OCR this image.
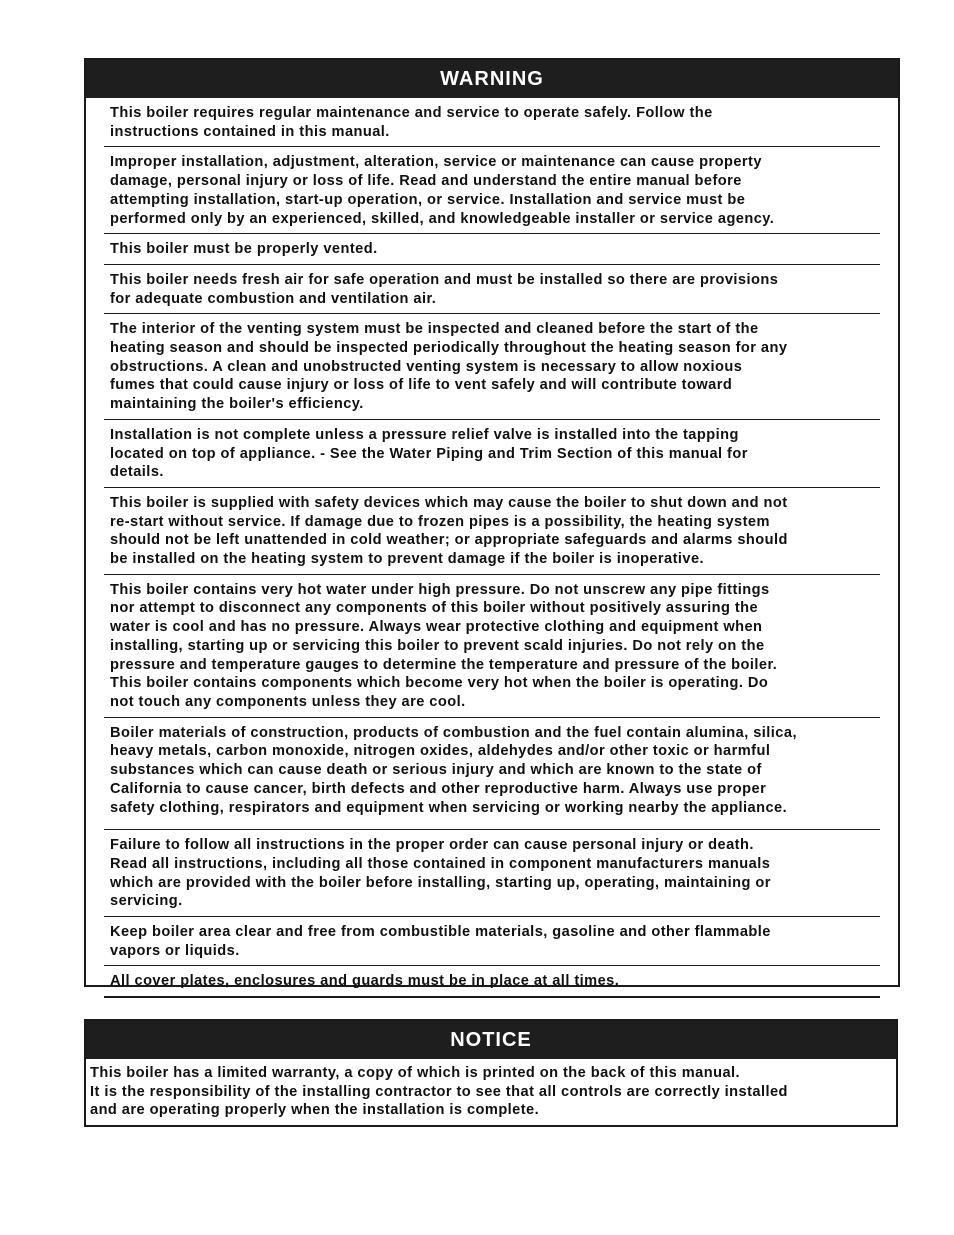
WARNING
This boiler requires regular maintenance and service to operate safely. Follow the
instructions contained in this manual.
Improper installation, adjustment, alteration, service or maintenance can cause property
damage, personal injury or loss of life. Read and understand the entire manual before
attempting installation, start-up operation, or service. Installation and service must be
performed only by an experienced, skilled, and knowledgeable installer or service agency.
This boiler must be properly vented.
This boiler needs fresh air for safe operation and must be installed so there are provisions
for adequate combustion and ventilation air.
The interior of the venting system must be inspected and cleaned before the start of the
heating season and should be inspected periodically throughout the heating season for any
obstructions. A clean and unobstructed venting system is necessary to allow noxious
fumes that could cause injury or loss of life to vent safely and will contribute toward
maintaining the boiler's efficiency.
Installation is not complete unless a pressure relief valve is installed into the tapping
located on top of appliance. - See the Water Piping and Trim Section of this manual for
details.
This boiler is supplied with safety devices which may cause the boiler to shut down and not
re-start without service. If damage due to frozen pipes is a possibility, the heating system
should not be left unattended in cold weather; or appropriate safeguards and alarms should
be installed on the heating system to prevent damage if the boiler is inoperative.
This boiler contains very hot water under high pressure. Do not unscrew any pipe fittings
nor attempt to disconnect any components of this boiler without positively assuring the
water is cool and has no pressure. Always wear protective clothing and equipment when
installing, starting up or servicing this boiler to prevent scald injuries. Do not rely on the
pressure and temperature gauges to determine the temperature and pressure of the boiler.
This boiler contains components which become very hot when the boiler is operating. Do
not touch any components unless they are cool.
Boiler materials of construction, products of combustion and the fuel contain alumina, silica,
heavy metals, carbon monoxide, nitrogen oxides, aldehydes and/or other toxic or harmful
substances which can cause death or serious injury and which are known to the state of
California to cause cancer, birth defects and other reproductive harm. Always use proper
safety clothing, respirators and equipment when servicing or working nearby the appliance.
Failure to follow all instructions in the proper order can cause personal injury or death.
Read all instructions, including all those contained in component manufacturers manuals
which are provided with the boiler before installing, starting up, operating, maintaining or
servicing.
Keep boiler area clear and free from combustible materials, gasoline and other flammable
vapors or liquids.
All cover plates, enclosures and guards must be in place at all times.
NOTICE
This boiler has a limited warranty, a copy of which is printed on the back of this manual.
It is the responsibility of the installing contractor to see that all controls are correctly installed
and are operating properly when the installation is complete.
